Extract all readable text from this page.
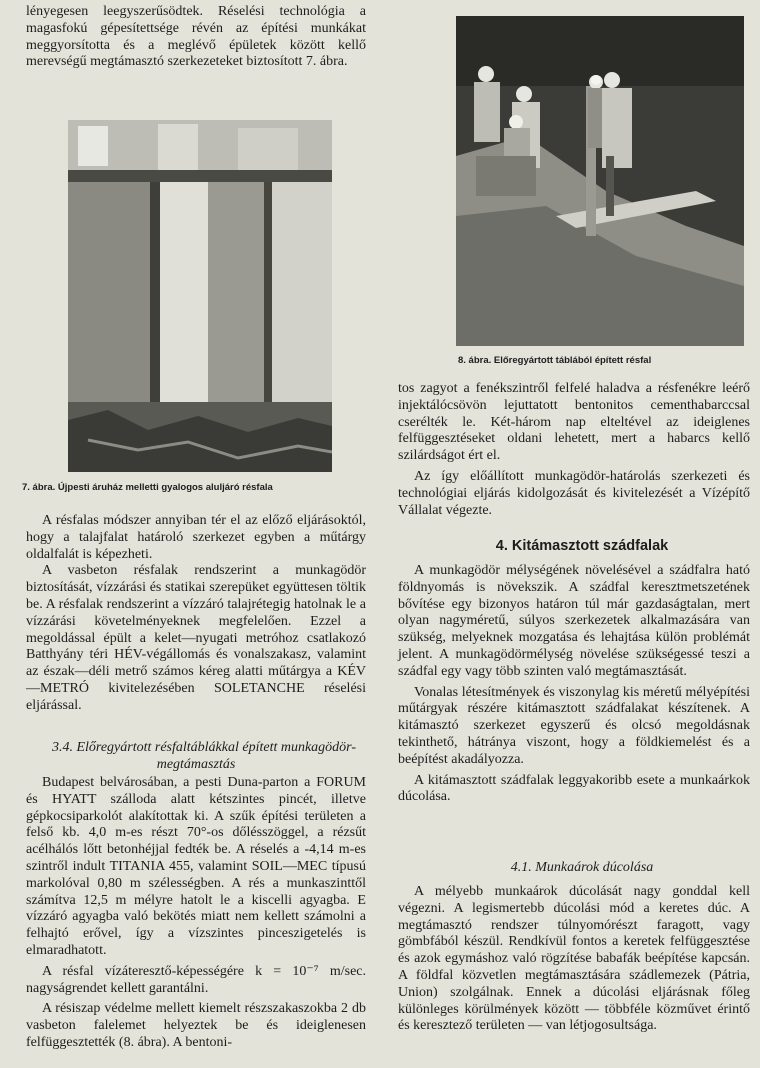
lényegesen leegyszerűsödtek. Réselési technológia a magasfokú gépesítettsége révén az építési munkákat meggyorsította és a meglévő épületek között kellő merevségű megtámasztó szerkezeteket biztosított 7. ábra.

7. ábra. Újpesti áruház melletti gyalogos aluljáró résfala

A résfalas módszer annyiban tér el az előző eljárásoktól, hogy a talajfalat határoló szerkezet egyben a műtárgy oldalfalát is képezheti.

A vasbeton résfalak rendszerint a munkagödör biztosítását, vízzárási és statikai szerepüket együttesen töltik be. A résfalak rendszerint a vízzáró talajrétegig hatolnak le a vízzárási követelményeknek megfelelően. Ezzel a megoldással épült a kelet—nyugati metróhoz csatlakozó Batthyány téri HÉV-végállomás és vonalszakasz, valamint az észak—déli metrő számos kéreg alatti műtárgya a KÉV—METRÓ kivitelezésében SOLETANCHE réselési eljárással.

3.4. Előregyártott résfaltáblákkal épített munkagödör-megtámasztás

Budapest belvárosában, a pesti Duna-parton a FORUM és HYATT szálloda alatt kétszintes pincét, illetve gépkocsiparkolót alakítottak ki. A szűk építési területen a felső kb. 4,0 m-es részt 70°-os dőlésszöggel, a rézsűt acélhálós lőtt betonhéjjal fedték be. A réselés a -4,14 m-es szintről indult TITANIA 455, valamint SOIL—MEC típusú markolóval 0,80 m szélességben. A rés a munkaszinttől számítva 12,5 m mélyre hatolt le a kiscelli agyagba. E vízzáró agyagba való bekötés miatt nem kellett számolni a felhajtó erővel, így a vízszintes pinceszigetelés is elmaradhatott.

A résfal vízáteresztő-képességére k = 10⁻⁷ m/sec. nagyságrendet kellett garantálni.

A résiszap védelme mellett kiemelt részszakaszokba 2 db vasbeton falelemet helyeztek be és ideiglenesen felfüggesztették (8. ábra). A bentoni-

8. ábra. Előregyártott táblából épített résfal

tos zagyot a fenékszintről felfelé haladva a résfenékre leérő injektálócsövön lejuttatott bentonitos cementhabarccsal cserélték le. Két-három nap elteltével az ideiglenes felfüggesztéseket oldani lehetett, mert a habarcs kellő szilárdságot ért el.

Az így előállított munkagödör-határolás szerkezeti és technológiai eljárás kidolgozását és kivitelezését a Vízépítő Vállalat végezte.

4. Kitámasztott szádfalak

A munkagödör mélységének növelésével a szádfalra ható földnyomás is növekszik. A szádfal keresztmetszetének bővítése egy bizonyos határon túl már gazdaságtalan, mert olyan nagyméretű, súlyos szerkezetek alkalmazására van szükség, melyeknek mozgatása és lehajtása külön problémát jelent. A munkagödörmélység növelése szükségessé teszi a szádfal egy vagy több szinten való megtámasztását.

Vonalas létesítmények és viszonylag kis méretű mélyépítési műtárgyak részére kitámasztott szádfalakat készítenek. A kitámasztó szerkezet egyszerű és olcsó megoldásnak tekinthető, hátránya viszont, hogy a földkiemelést és a beépítést akadályozza.

A kitámasztott szádfalak leggyakoribb esete a munkaárkok dúcolása.

4.1. Munkaárok dúcolása

A mélyebb munkaárok dúcolását nagy gonddal kell végezni. A legismertebb dúcolási mód a keretes dúc. A megtámasztó rendszer túlnyomórészt faragott, vagy gömbfából készül. Rendkívül fontos a keretek felfüggesztése és azok egymáshoz való rögzítése babafák beépítése kapcsán. A földfal közvetlen megtámasztására szádlemezek (Pátria, Union) szolgálnak. Ennek a dúcolási eljárásnak főleg különleges körülmények között — többféle közművet érintő és keresztező területen — van létjogosultsága.
